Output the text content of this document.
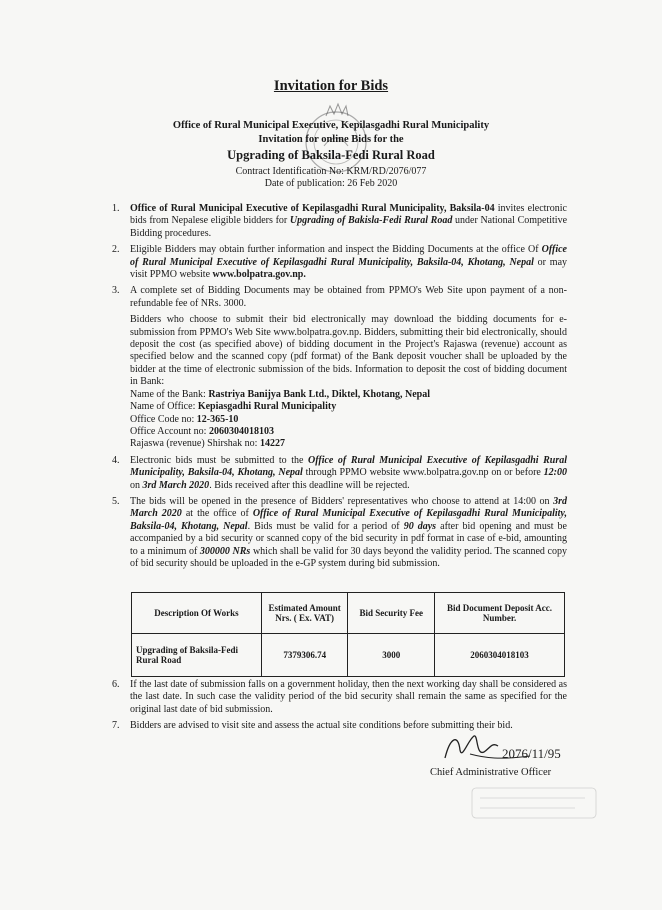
Invitation for Bids
Office of Rural Municipal Executive, Kepilasgadhi Rural Municipality
Invitation for online Bids for the
Upgrading of Baksila-Fedi Rural Road
Contract Identification No: KRM/RD/2076/077
Date of publication: 26 Feb 2020
1. Office of Rural Municipal Executive of Kepilasgadhi Rural Municipality, Baksila-04 invites electronic bids from Nepalese eligible bidders for Upgrading of Bakisla-Fedi Rural Road under National Competitive Bidding procedures.
2. Eligible Bidders may obtain further information and inspect the Bidding Documents at the office Of Office of Rural Municipal Executive of Kepilasgadhi Rural Municipality, Baksila-04, Khotang, Nepal or may visit PPMO website www.bolpatra.gov.np.
3. A complete set of Bidding Documents may be obtained from PPMO's Web Site upon payment of a non-refundable fee of NRs. 3000.
Bidders who choose to submit their bid electronically may download the bidding documents for e-submission from PPMO's Web Site www.bolpatra.gov.np. Bidders, submitting their bid electronically, should deposit the cost (as specified above) of bidding document in the Project's Rajaswa (revenue) account as specified below and the scanned copy (pdf format) of the Bank deposit voucher shall be uploaded by the bidder at the time of electronic submission of the bids. Information to deposit the cost of bidding document in Bank:
Name of the Bank: Rastriya Banijya Bank Ltd., Diktel, Khotang, Nepal
Name of Office: Kepiasgadhi Rural Municipality
Office Code no: 12-365-10
Office Account no: 2060304018103
Rajaswa (revenue) Shirshak no: 14227
4. Electronic bids must be submitted to the Office of Rural Municipal Executive of Kepilasgadhi Rural Municipality, Baksila-04, Khotang, Nepal through PPMO website www.bolpatra.gov.np on or before 12:00 on 3rd March 2020. Bids received after this deadline will be rejected.
5. The bids will be opened in the presence of Bidders' representatives who choose to attend at 14:00 on 3rd March 2020 at the office of Office of Rural Municipal Executive of Kepilasgadhi Rural Municipality, Baksila-04, Khotang, Nepal. Bids must be valid for a period of 90 days after bid opening and must be accompanied by a bid security or scanned copy of the bid security in pdf format in case of e-bid, amounting to a minimum of 300000 NRs which shall be valid for 30 days beyond the validity period. The scanned copy of bid security should be uploaded in the e-GP system during bid submission.
Description Of Works	Estimated Amount Nrs. ( Ex. VAT)	Bid Security Fee	Bid Document Deposit Acc. Number.
Upgrading of Baksila-Fedi Rural Road	7379306.74	3000	2060304018103
6. If the last date of submission falls on a government holiday, then the next working day shall be considered as the last date. In such case the validity period of the bid security shall remain the same as specified for the original last date of bid submission.
7. Bidders are advised to visit site and assess the actual site conditions before submitting their bid.
2076/11/95
Chief Administrative Officer
